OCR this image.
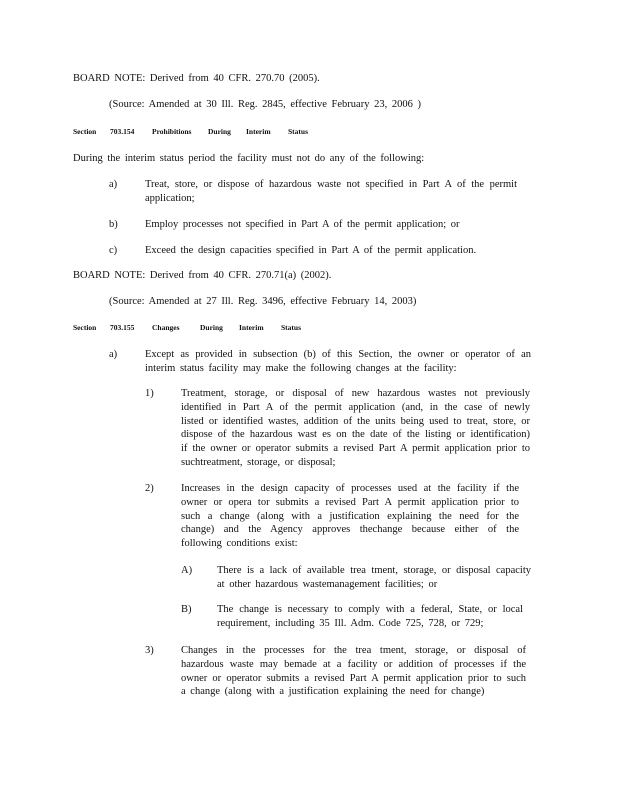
BOARD NOTE: Derived from 40 CFR. 270.70 (2005).
(Source: Amended at 30 Ill. Reg. 2845, effective February 23, 2006 )
Section 703.154 Prohibitions During Interim Status
During the interim status period the facility must not do any of the following:
a)	Treat, store, or dispose of hazardous waste not specified in Part A of the permit application;
b)	Employ processes not specified in Part A of the permit application; or
c)	Exceed the design capacities specified in Part A of the permit application.
BOARD NOTE: Derived from 40 CFR. 270.71(a) (2002).
(Source: Amended at 27 Ill. Reg. 3496, effective February 14, 2003)
Section 703.155 Changes	During Interim Status
a)	Except as provided in subsection (b) of this Section, the owner or operator of an interim status facility may make the following changes at the facility:
1)	Treatment, storage, or disposal of new hazardous wastes not previously identified in Part A of the permit application (and, in the case of newly listed or identified wastes, addition of the units being used to treat, store, or dispose of the hazardous wast es on the date of the listing or identification) if the owner or operator submits a revised Part A permit application prior to suchtreatment, storage, or disposal;
2)	Increases in the design capacity of processes used at the facility if the owner or opera tor submits a revised Part A permit application prior to such a change (along with a justification explaining the need for the change) and the Agency approves thechange because either of the following conditions exist:
A) There is a lack of available trea tment, storage, or disposal capacity at other hazardous wastemanagement facilities; or
B) The change is necessary to comply with a federal, State, or local requirement, including 35 Ill. Adm. Code 725, 728, or 729;
3)	Changes in the processes for the trea tment, storage, or disposal of hazardous waste may bemade at a facility or addition of processes if the owner or operator submits a revised Part A permit application prior to such a change (along with a justification explaining the need for change)
